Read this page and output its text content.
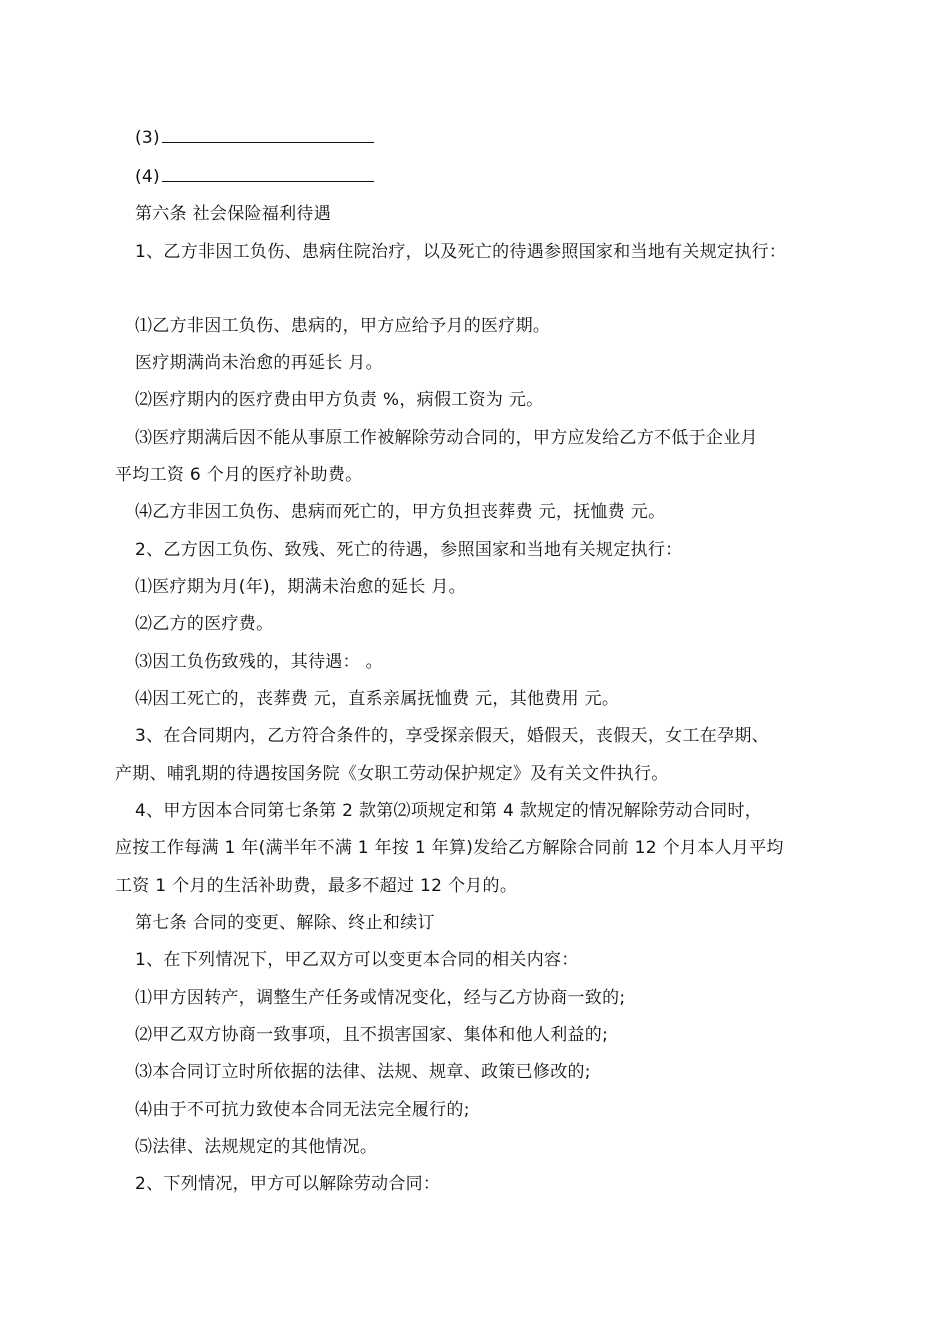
(3)
(4)
第六条 社会保险福利待遇
1、乙方非因工负伤、患病住院治疗，以及死亡的待遇参照国家和当地有关规定执行：
⑴乙方非因工负伤、患病的，甲方应给予月的医疗期。
医疗期满尚未治愈的再延长 月。
⑵医疗期内的医疗费由甲方负责 %，病假工资为 元。
⑶医疗期满后因不能从事原工作被解除劳动合同的，甲方应发给乙方不低于企业月
平均工资 6 个月的医疗补助费。
⑷乙方非因工负伤、患病而死亡的，甲方负担丧葬费 元，抚恤费 元。
2、乙方因工负伤、致残、死亡的待遇，参照国家和当地有关规定执行：
⑴医疗期为月(年)，期满未治愈的延长 月。
⑵乙方的医疗费。
⑶因工负伤致残的，其待遇： 。
⑷因工死亡的，丧葬费 元，直系亲属抚恤费 元，其他费用 元。
3、在合同期内，乙方符合条件的，享受探亲假天，婚假天，丧假天，女工在孕期、
产期、哺乳期的待遇按国务院《女职工劳动保护规定》及有关文件执行。
4、甲方因本合同第七条第 2 款第⑵项规定和第 4 款规定的情况解除劳动合同时，
应按工作每满 1 年(满半年不满 1 年按 1 年算)发给乙方解除合同前 12 个月本人月平均
工资 1 个月的生活补助费，最多不超过 12 个月的。
第七条 合同的变更、解除、终止和续订
1、在下列情况下，甲乙双方可以变更本合同的相关内容：
⑴甲方因转产，调整生产任务或情况变化，经与乙方协商一致的;
⑵甲乙双方协商一致事项，且不损害国家、集体和他人利益的;
⑶本合同订立时所依据的法律、法规、规章、政策已修改的;
⑷由于不可抗力致使本合同无法完全履行的;
⑸法律、法规规定的其他情况。
2、下列情况，甲方可以解除劳动合同：
